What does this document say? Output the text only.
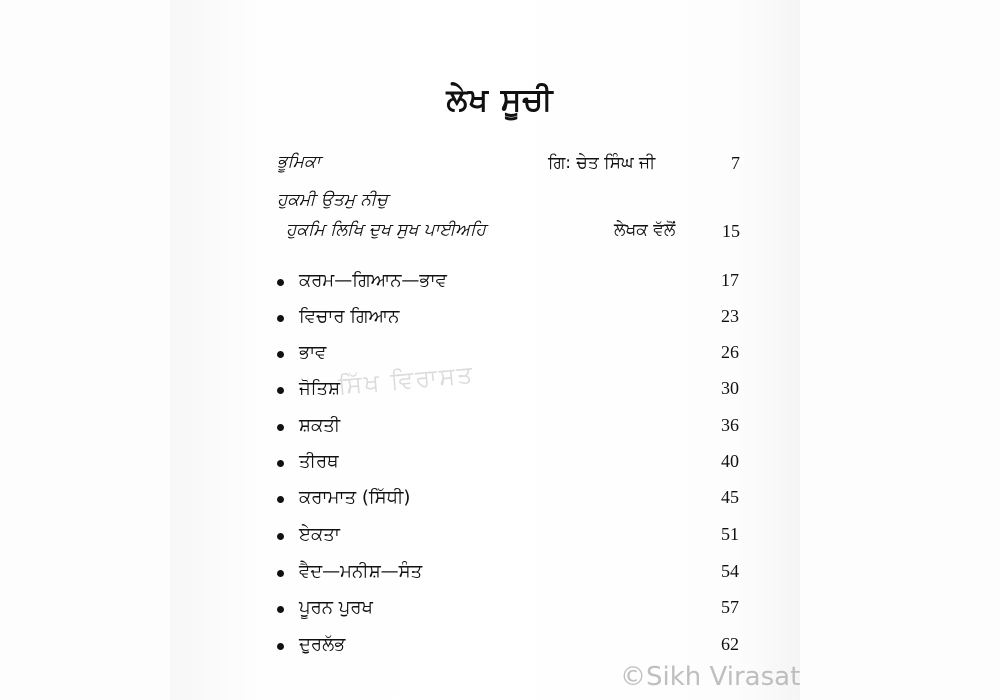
ਲੇਖ ਸੂਚੀ
ਭੂਮਿਕਾ	ਗਿ: ਚੇਤ ਸਿੰਘ ਜੀ	7
ਹੁਕਮੀ ਉਤਮੁ ਨੀਚੁ
ਹੁਕਮਿ ਲਿਖਿ ਦੁਖ ਸੁਖ ਪਾਈਅਹਿ	ਲੇਖਕ ਵੱਲੋਂ	15
ਕਰਮ—ਗਿਆਨ—ਭਾਵ	17
ਵਿਚਾਰ ਗਿਆਨ	23
ਭਾਵ	26
ਜੋਤਿਸ਼	30
ਸ਼ਕਤੀ	36
ਤੀਰਥ	40
ਕਰਾਮਾਤ (ਸਿੱਧੀ)	45
ਏਕਤਾ	51
ਵੈਦ—ਮਨੀਸ਼—ਸੰਤ	54
ਪੂਰਨ ਪੁਰਖ	57
ਦੁਰਲੱਭ	62
ਸਿੱਖ ਵਿਰਾਸਤ
©Sikh Virasat
